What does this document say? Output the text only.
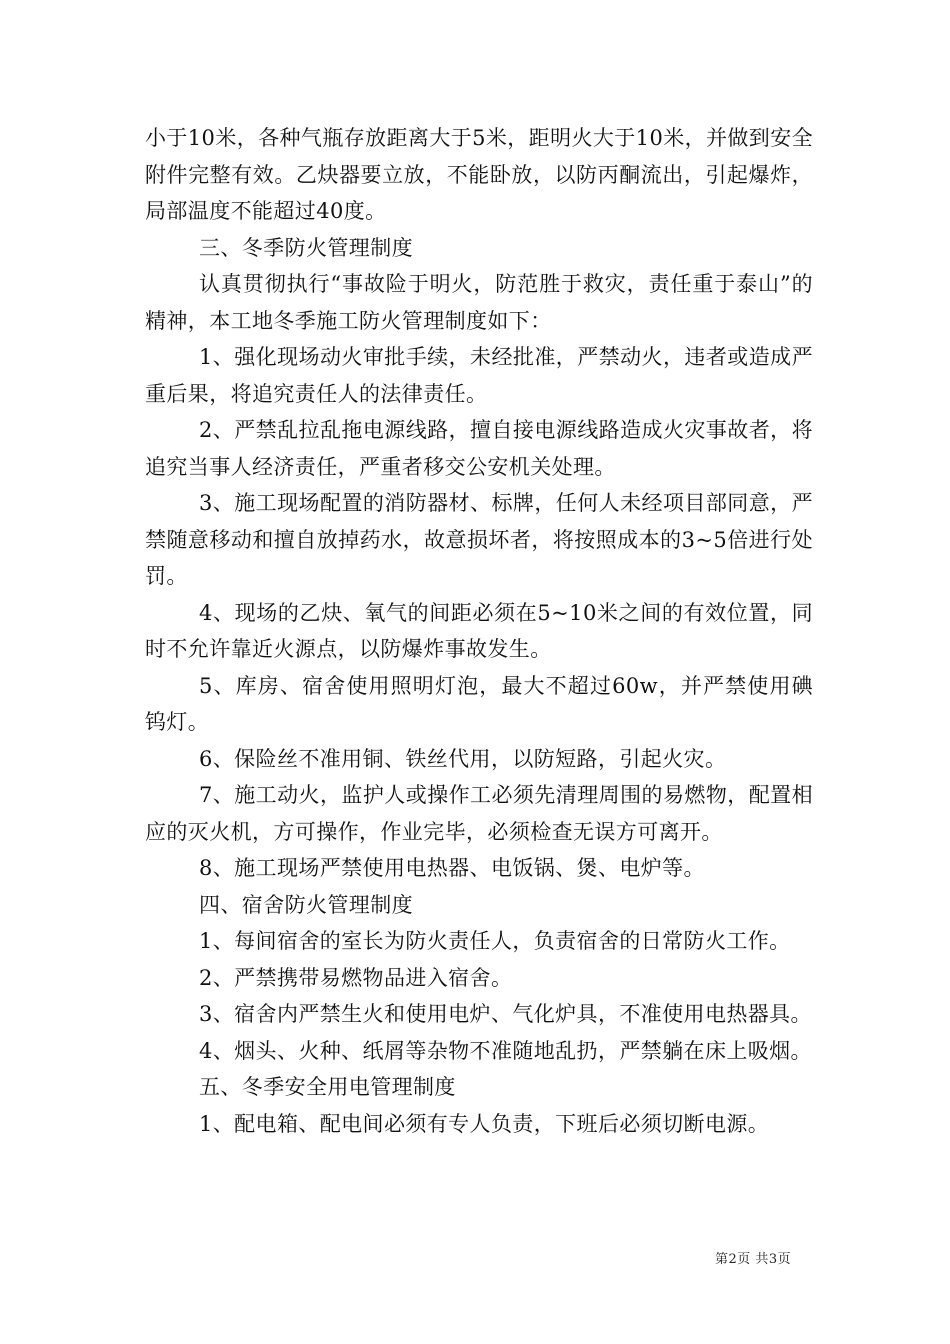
小于10米，各种气瓶存放距离大于5米，距明火大于10米，并做到安全附件完整有效。乙炔器要立放，不能卧放，以防丙酮流出，引起爆炸，局部温度不能超过40度。

三、冬季防火管理制度

认真贯彻执行“事故险于明火，防范胜于救灾，责任重于泰山”的精神，本工地冬季施工防火管理制度如下：

1、强化现场动火审批手续，未经批准，严禁动火，违者或造成严重后果，将追究责任人的法律责任。

2、严禁乱拉乱拖电源线路，擅自接电源线路造成火灾事故者，将追究当事人经济责任，严重者移交公安机关处理。

3、施工现场配置的消防器材、标牌，任何人未经项目部同意，严禁随意移动和擅自放掉药水，故意损坏者，将按照成本的3~5倍进行处罚。

4、现场的乙炔、氧气的间距必须在5~10米之间的有效位置，同时不允许靠近火源点，以防爆炸事故发生。

5、库房、宿舍使用照明灯泡，最大不超过60w，并严禁使用碘钨灯。

6、保险丝不准用铜、铁丝代用，以防短路，引起火灾。

7、施工动火，监护人或操作工必须先清理周围的易燃物，配置相应的灭火机，方可操作，作业完毕，必须检查无误方可离开。

8、施工现场严禁使用电热器、电饭锅、煲、电炉等。

四、宿舍防火管理制度

1、每间宿舍的室长为防火责任人，负责宿舍的日常防火工作。

2、严禁携带易燃物品进入宿舍。

3、宿舍内严禁生火和使用电炉、气化炉具，不准使用电热器具。

4、烟头、火种、纸屑等杂物不准随地乱扔，严禁躺在床上吸烟。

五、冬季安全用电管理制度

1、配电箱、配电间必须有专人负责，下班后必须切断电源。

第2页 共3页
